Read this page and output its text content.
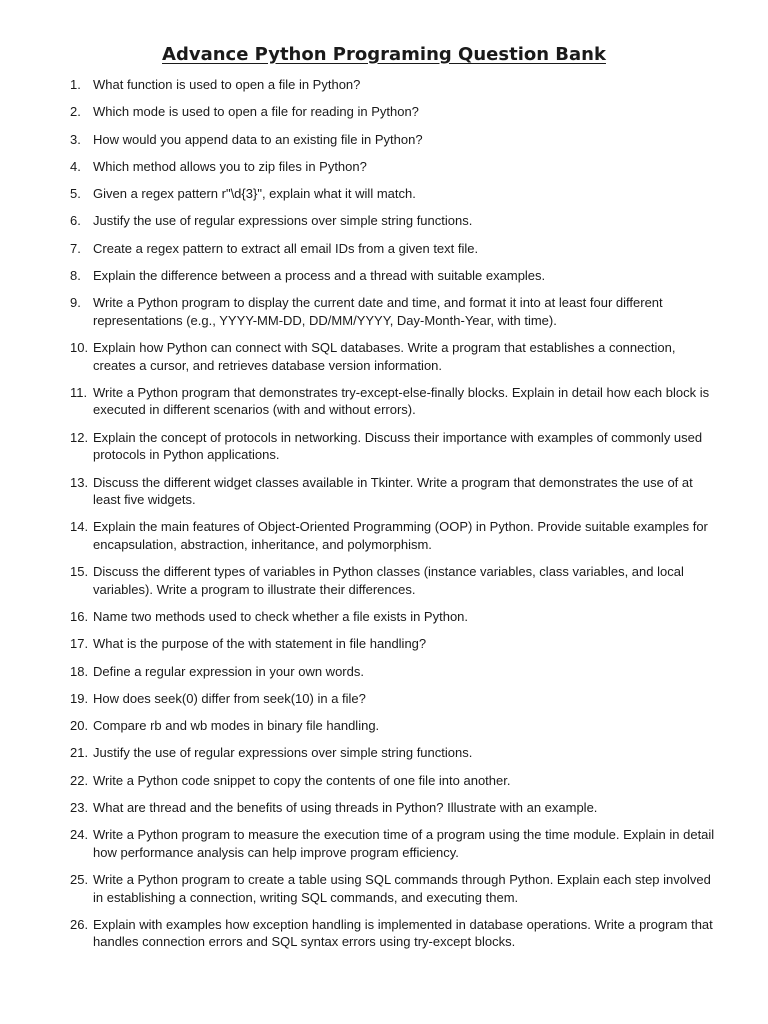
Advance Python Programing Question Bank
1. What function is used to open a file in Python?
2. Which mode is used to open a file for reading in Python?
3. How would you append data to an existing file in Python?
4. Which method allows you to zip files in Python?
5. Given a regex pattern r"\d{3}", explain what it will match.
6. Justify the use of regular expressions over simple string functions.
7. Create a regex pattern to extract all email IDs from a given text file.
8. Explain the difference between a process and a thread with suitable examples.
9. Write a Python program to display the current date and time, and format it into at least four different representations (e.g., YYYY-MM-DD, DD/MM/YYYY, Day-Month-Year, with time).
10. Explain how Python can connect with SQL databases. Write a program that establishes a connection, creates a cursor, and retrieves database version information.
11. Write a Python program that demonstrates try-except-else-finally blocks. Explain in detail how each block is executed in different scenarios (with and without errors).
12. Explain the concept of protocols in networking. Discuss their importance with examples of commonly used protocols in Python applications.
13. Discuss the different widget classes available in Tkinter. Write a program that demonstrates the use of at least five widgets.
14. Explain the main features of Object-Oriented Programming (OOP) in Python. Provide suitable examples for encapsulation, abstraction, inheritance, and polymorphism.
15. Discuss the different types of variables in Python classes (instance variables, class variables, and local variables). Write a program to illustrate their differences.
16. Name two methods used to check whether a file exists in Python.
17. What is the purpose of the with statement in file handling?
18. Define a regular expression in your own words.
19. How does seek(0) differ from seek(10) in a file?
20. Compare rb and wb modes in binary file handling.
21. Justify the use of regular expressions over simple string functions.
22. Write a Python code snippet to copy the contents of one file into another.
23. What are thread and the benefits of using threads in Python? Illustrate with an example.
24. Write a Python program to measure the execution time of a program using the time module. Explain in detail how performance analysis can help improve program efficiency.
25. Write a Python program to create a table using SQL commands through Python. Explain each step involved in establishing a connection, writing SQL commands, and executing them.
26. Explain with examples how exception handling is implemented in database operations. Write a program that handles connection errors and SQL syntax errors using try-except blocks.
